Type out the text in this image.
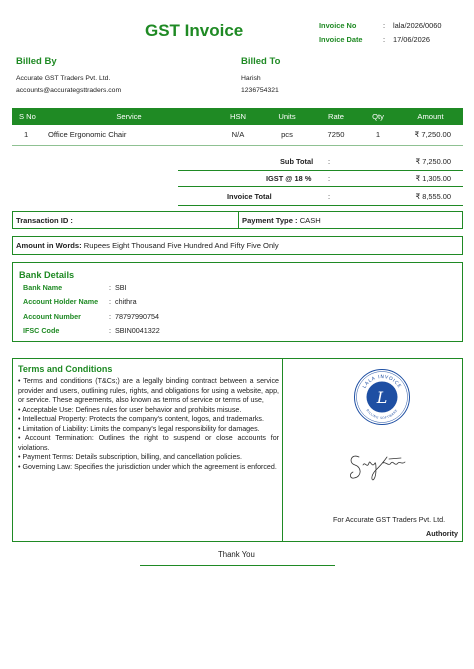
GST Invoice	Invoice No	:	lala/2026/0060
Invoice Date	:	17/06/2026
Billed By
Accurate GST Traders Pvt. Ltd.
accounts@accurategsttraders.com
Billed To
Harish
1236754321
S No	Service	HSN	Units	Rate	Qty	Amount
1	Office Ergonomic Chair	N/A	pcs	7250	1	₹ 7,250.00
Sub Total :	₹ 7,250.00
IGST @ 18 % :	₹ 1,305.00
Invoice Total	:	₹ 8,555.00
Transaction ID :	Payment Type : CASH
Amount in Words: Rupees Eight Thousand Five Hundred And Fifty Five Only
Bank Details
Bank Name	: SBI
Account Holder Name : chithra
Account Number	: 78797990754
IFSC Code	: SBIN0041322
Terms and Conditions
• Terms and conditions (T&Cs;) are a legally binding contract between a service provider and users, outlining rules, rights, and obligations for using a website, app, or service. These agreements, also known as terms of service or terms of use,
• Acceptable Use: Defines rules for user behavior and prohibits misuse.
• Intellectual Property: Protects the company's content, logos, and trademarks.
• Limitation of Liability: Limits the company's legal responsibility for damages.
• Account Termination: Outlines the right to suspend or close accounts for violations.
• Payment Terms: Details subscription, billing, and cancellation policies.
• Governing Law: Specifies the jurisdiction under which the agreement is enforced.
LALA INVOICE
BILLING SOFTWARE
L
For Accurate GST Traders Pvt. Ltd.
Authority
Thank You
